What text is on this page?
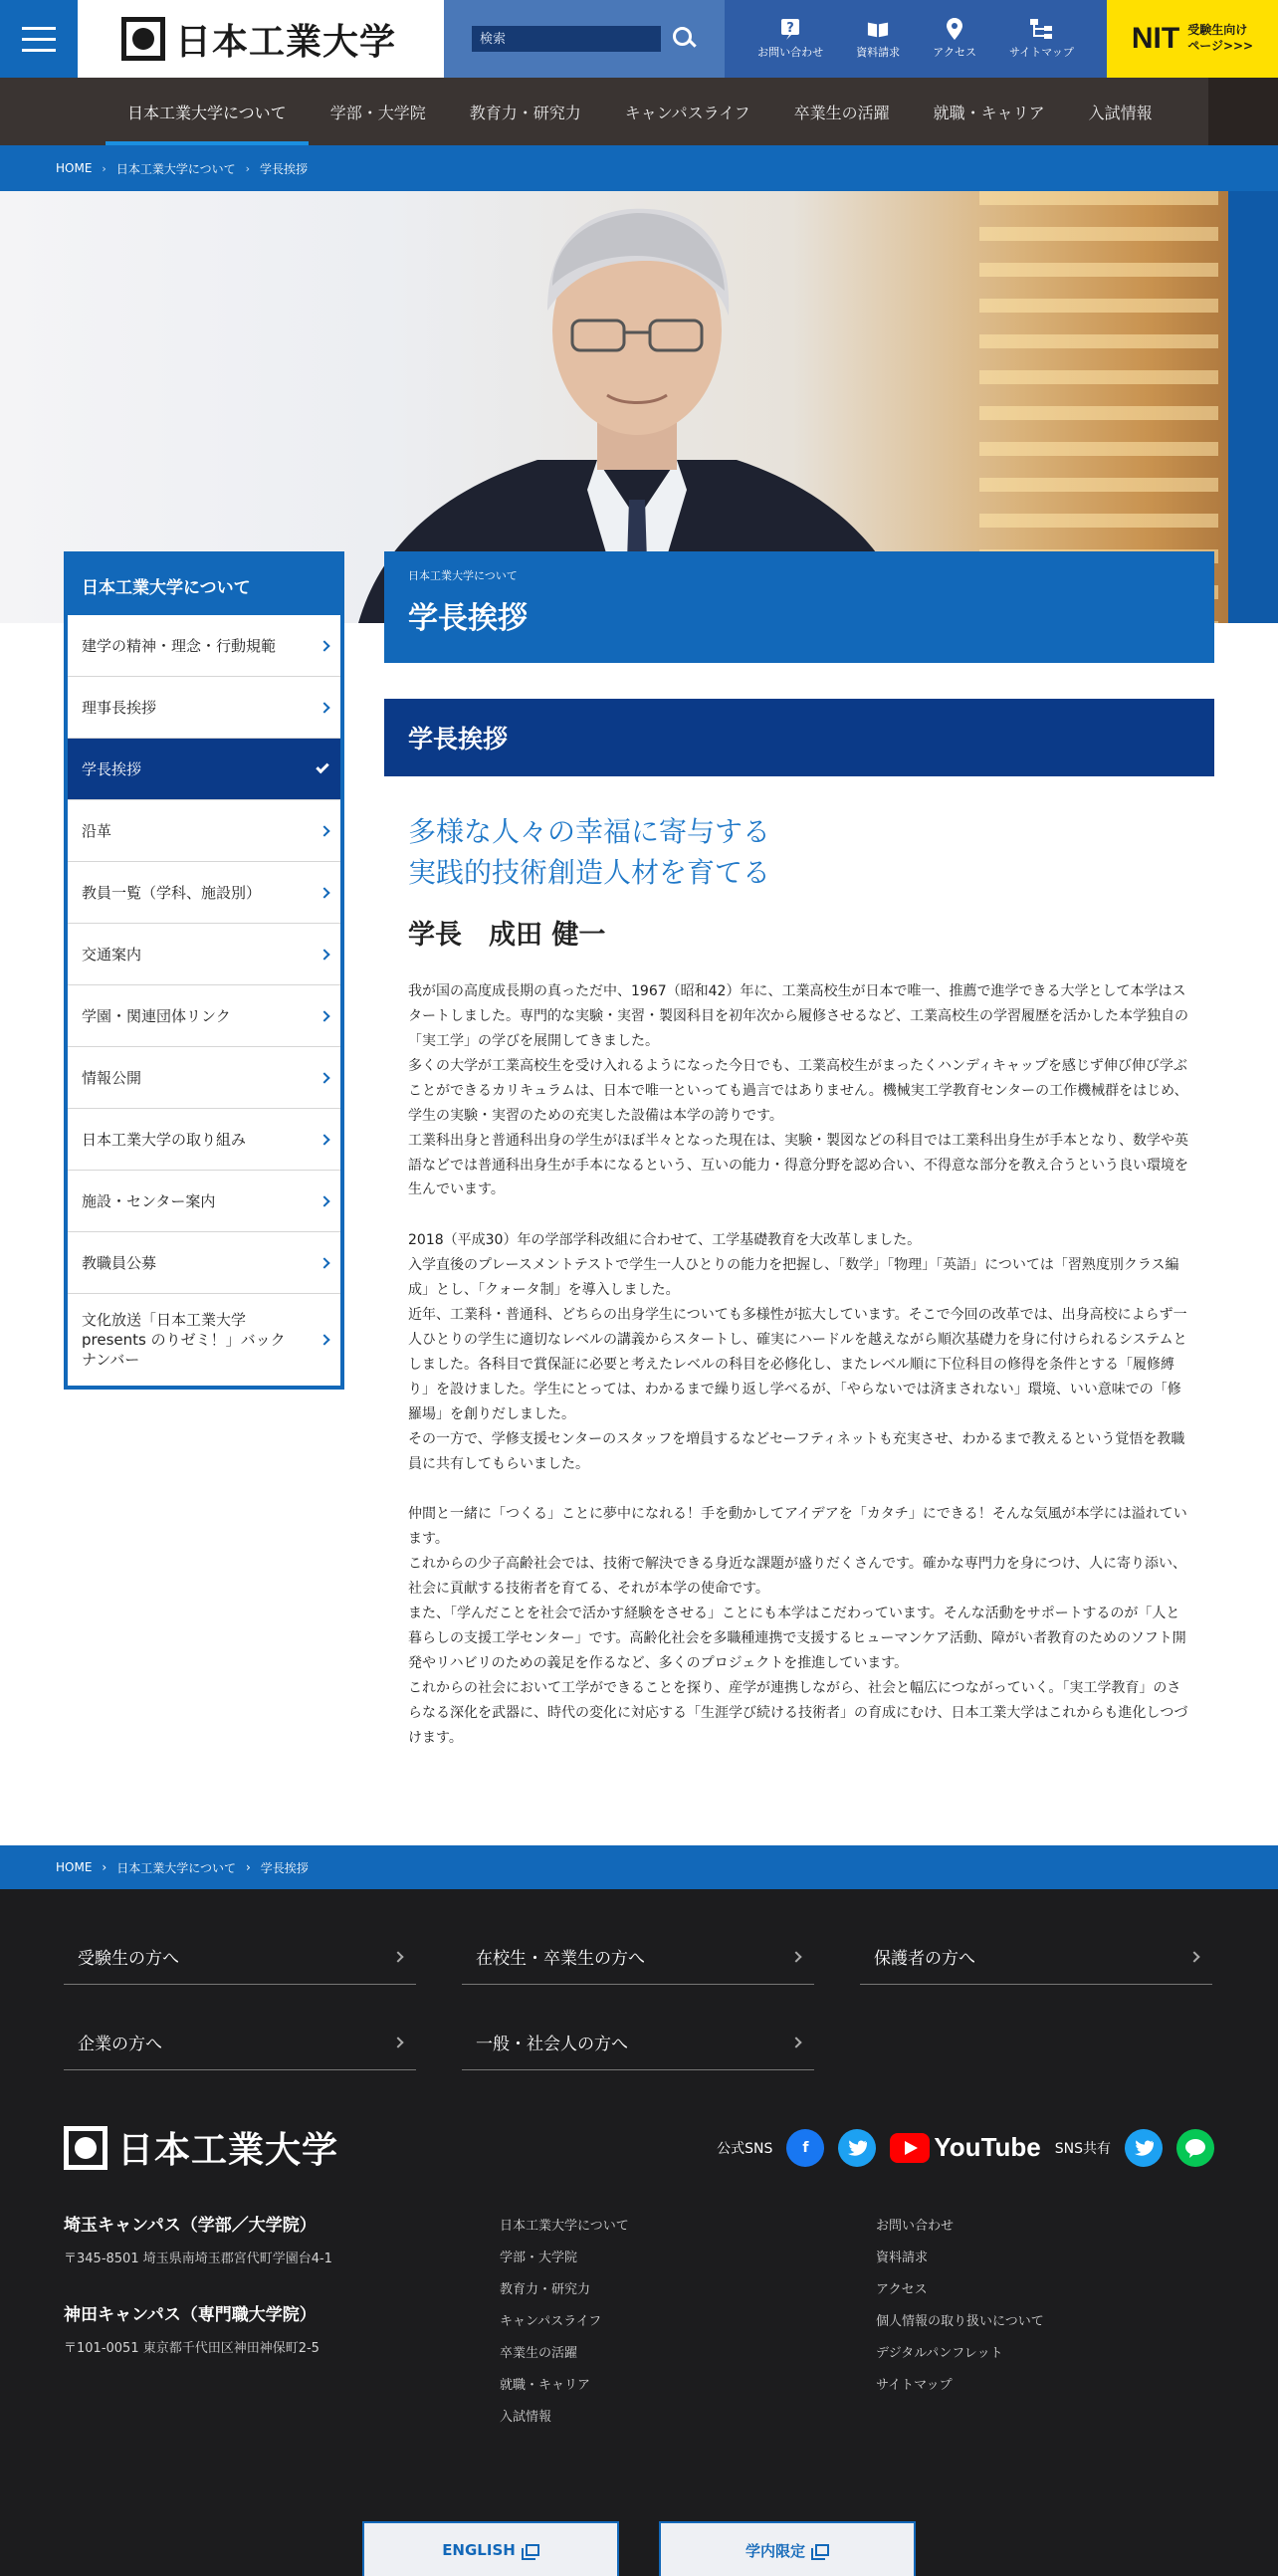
日本工業大学
検索	?
お問い合わせ	資料請求	アクセス	サイトマップ NIT 受験生向け
ページ>>>
日本工業大学について	学部・大学院	教育力・研究力	キャンパスライフ	卒業生の活躍	就職・キャリア	入試情報
HOME › 日本工業大学について › 学長挨拶
日本工業大学について
建学の精神・理念・行動規範
理事長挨拶
学長挨拶
沿革
教員一覧（学科、施設別）
交通案内
学園・関連団体リンク
情報公開
日本工業大学の取り組み
施設・センター案内
教職員公募
文化放送「日本工業大学presents のりゼミ！」バックナンバー
日本工業大学について
学長挨拶
学長挨拶
多様な人々の幸福に寄与する
実践的技術創造人材を育てる
学長　成田 健一

我が国の高度成長期の真っただ中、1967（昭和42）年に、工業高校生が日本で唯一、推薦で進学できる大学として本学はスタートしました。専門的な実験・実習・製図科目を初年次から履修させるなど、工業高校生の学習履歴を活かした本学独自の「実工学」の学びを展開してきました。
多くの大学が工業高校生を受け入れるようになった今日でも、工業高校生がまったくハンディキャップを感じず伸び伸び学ぶことができるカリキュラムは、日本で唯一といっても過言ではありません。機械実工学教育センターの工作機械群をはじめ、学生の実験・実習のための充実した設備は本学の誇りです。
工業科出身と普通科出身の学生がほぼ半々となった現在は、実験・製図などの科目では工業科出身生が手本となり、数学や英語などでは普通科出身生が手本になるという、互いの能力・得意分野を認め合い、不得意な部分を教え合うという良い環境を生んでいます。

2018（平成30）年の学部学科改組に合わせて、工学基礎教育を大改革しました。
入学直後のプレースメントテストで学生一人ひとりの能力を把握し、「数学」「物理」「英語」については「習熟度別クラス編成」とし、「クォータ制」を導入しました。
近年、工業科・普通科、どちらの出身学生についても多様性が拡大しています。そこで今回の改革では、出身高校によらず一人ひとりの学生に適切なレベルの講義からスタートし、確実にハードルを越えながら順次基礎力を身に付けられるシステムとしました。各科目で賞保証に必要と考えたレベルの科目を必修化し、またレベル順に下位科目の修得を条件とする「履修縛り」を設けました。学生にとっては、わかるまで繰り返し学べるが、「やらないでは済まされない」環境、いい意味での「修羅場」を創りだしました。
その一方で、学修支援センターのスタッフを増員するなどセーフティネットも充実させ、わかるまで教えるという覚悟を教職員に共有してもらいました。

仲間と一緒に「つくる」ことに夢中になれる！手を動かしてアイデアを「カタチ」にできる！そんな気風が本学には溢れています。
これからの少子高齢社会では、技術で解決できる身近な課題が盛りだくさんです。確かな専門力を身につけ、人に寄り添い、社会に貢献する技術者を育てる、それが本学の使命です。
また、「学んだことを社会で活かす経験をさせる」ことにも本学はこだわっています。そんな活動をサポートするのが「人と暮らしの支援工学センター」です。高齢化社会を多職種連携で支援するヒューマンケア活動、障がい者教育のためのソフト開発やリハビリのための義足を作るなど、多くのプロジェクトを推進しています。
これからの社会において工学ができることを探り、産学が連携しながら、社会と幅広につながっていく。「実工学教育」のさらなる深化を武器に、時代の変化に対応する「生涯学び続ける技術者」の育成にむけ、日本工業大学はこれからも進化しつづけます。

HOME › 日本工業大学について › 学長挨拶
受験生の方へ	在校生・卒業生の方へ	保護者の方へ
企業の方へ	一般・社会人の方へ
日本工業大学	公式SNS	f	YouTube SNS共有
埼玉キャンパス（学部／大学院）

〒345-8501 埼玉県南埼玉郡宮代町学園台4-1

神田キャンパス（専門職大学院）

〒101-0051 東京都千代田区神田神保町2-5

日本工業大学について
学部・大学院
教育力・研究力
キャンパスライフ
卒業生の活躍
就職・キャリア
入試情報
お問い合わせ
資料請求
アクセス
個人情報の取り扱いについて
デジタルパンフレット
サイトマップ
ENGLISH	学内限定
